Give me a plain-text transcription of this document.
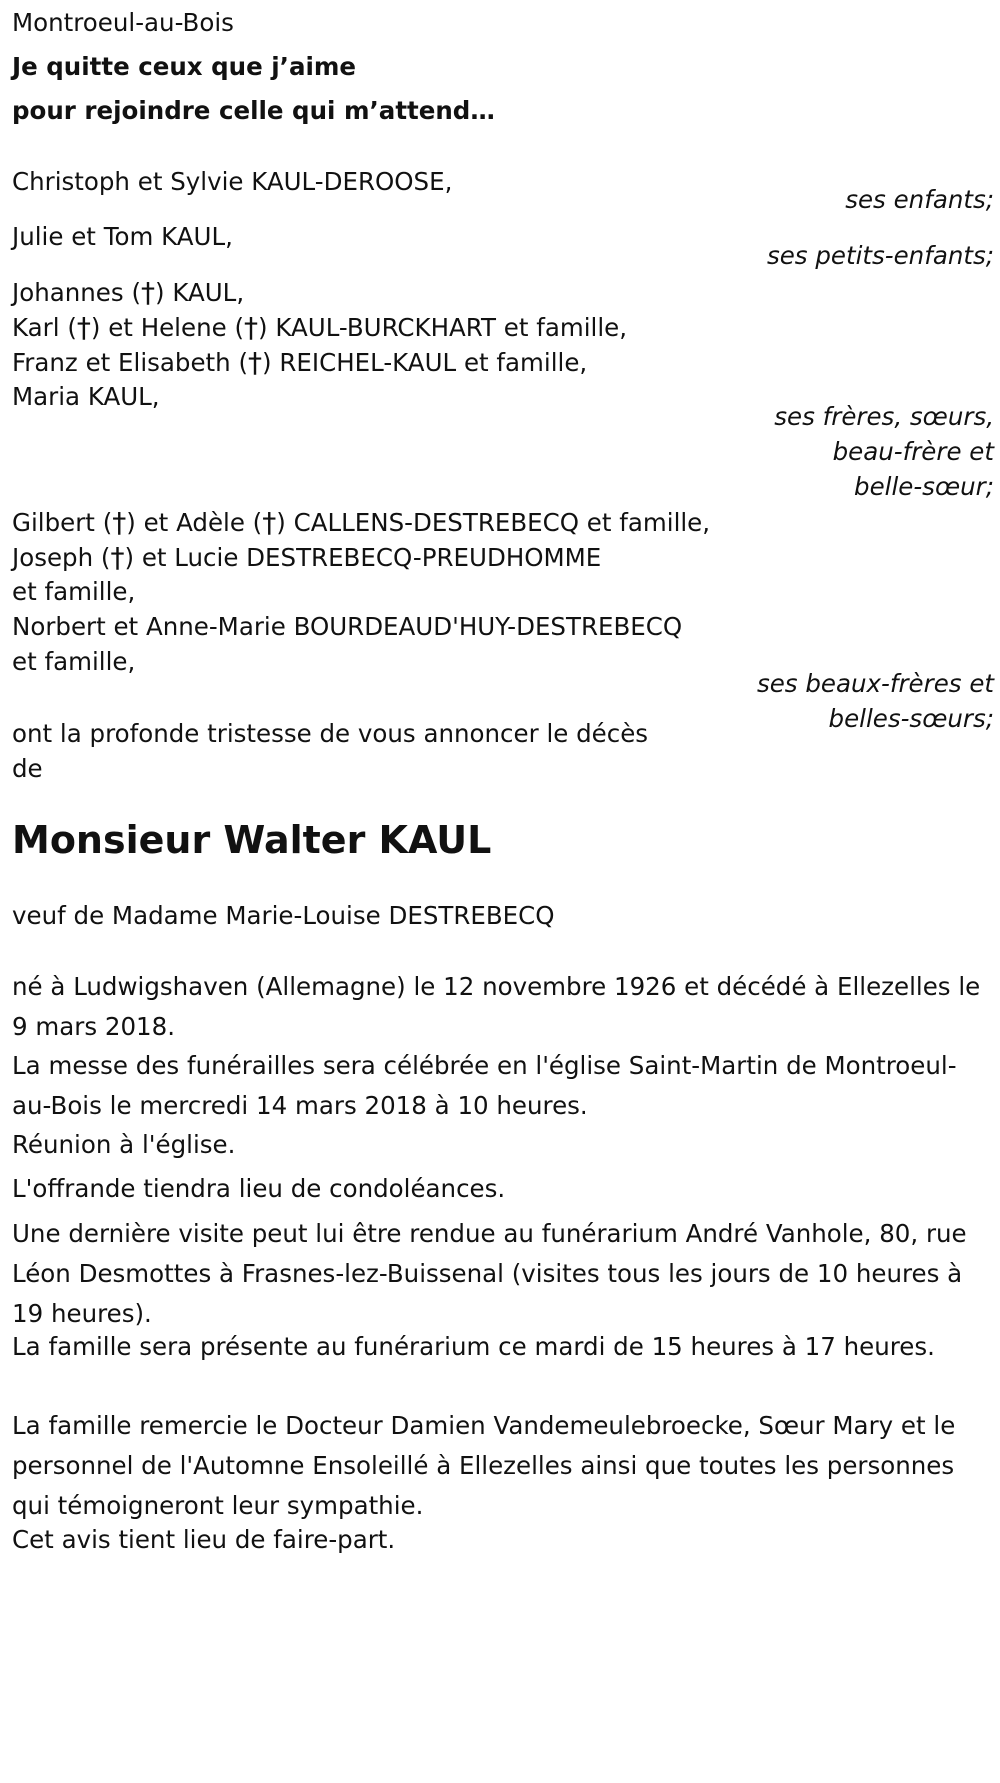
Montroeul-au-Bois
Je quitte ceux que j’aime
pour rejoindre celle qui m’attend…
Christoph et Sylvie KAUL-DEROOSE,
ses enfants;
Julie et Tom KAUL,
ses petits-enfants;
Johannes (†) KAUL,
Karl (†) et Helene (†) KAUL-BURCKHART et famille,
Franz et Elisabeth (†) REICHEL-KAUL et famille,
Maria KAUL,
ses frères, sœurs,
beau-frère et
belle-sœur;
Gilbert (†) et Adèle (†) CALLENS-DESTREBECQ et famille,
Joseph (†) et Lucie DESTREBECQ-PREUDHOMME
et famille,
Norbert et Anne-Marie BOURDEAUD'HUY-DESTREBECQ
et famille,
ses beaux-frères et
belles-sœurs;
ont la profonde tristesse de vous annoncer le décès
de
Monsieur Walter KAUL
veuf de Madame Marie-Louise DESTREBECQ
né à Ludwigshaven (Allemagne) le 12 novembre 1926 et décédé à Ellezelles le 9 mars 2018.
La messe des funérailles sera célébrée en l'église Saint-Martin de Montroeul-au-Bois le mercredi 14 mars 2018 à 10 heures.
Réunion à l'église.
L'offrande tiendra lieu de condoléances.
Une dernière visite peut lui être rendue au funérarium André Vanhole, 80, rue Léon Desmottes à Frasnes-lez-Buissenal (visites tous les jours de 10 heures à 19 heures).
La famille sera présente au funérarium ce mardi de 15 heures à 17 heures.
La famille remercie le Docteur Damien Vandemeulebroecke, Sœur Mary et le personnel de l'Automne Ensoleillé à Ellezelles ainsi que toutes les personnes qui témoigneront leur sympathie.
Cet avis tient lieu de faire-part.
